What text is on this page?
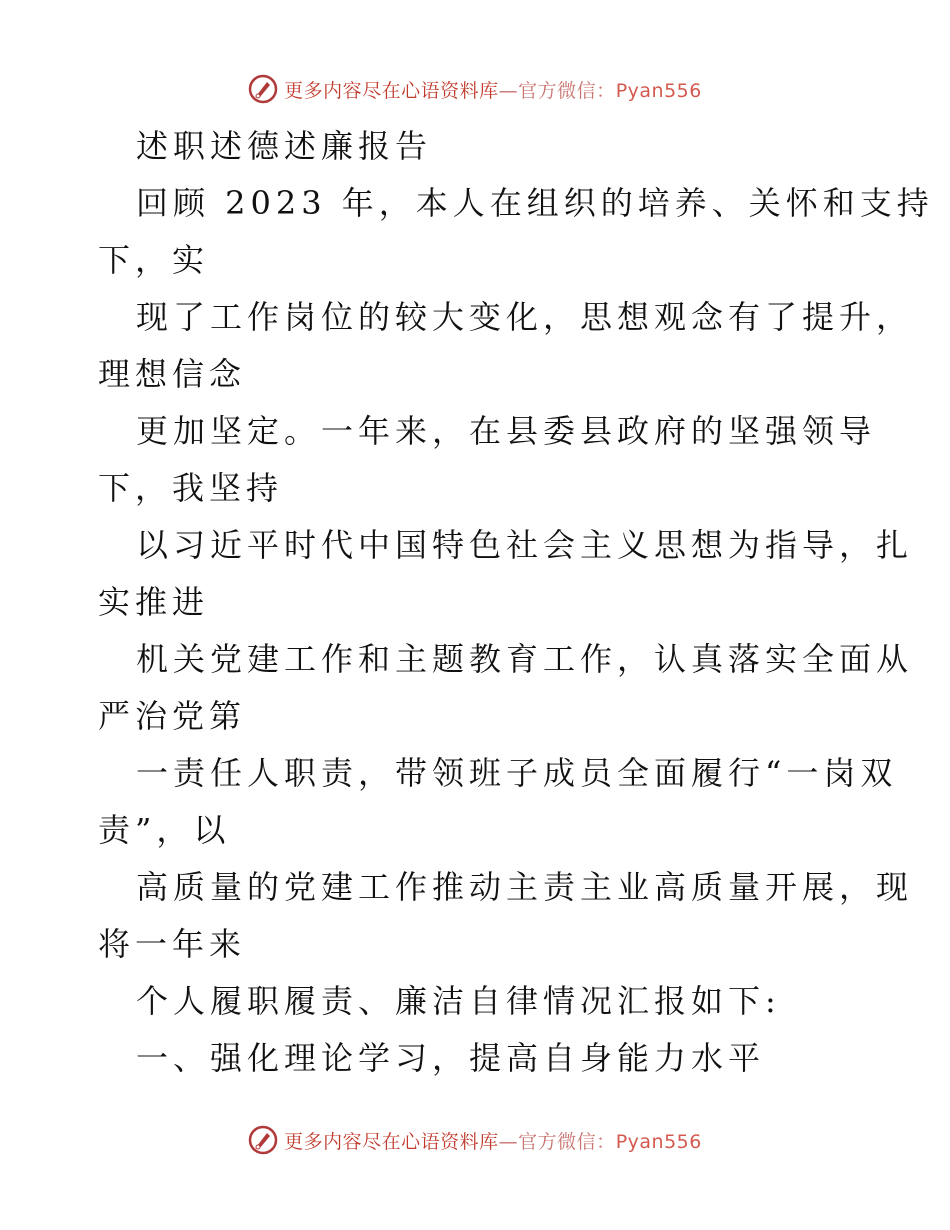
更多内容尽在心语资料库—官方微信：Pyan556
述职述德述廉报告
回顾 2023 年，本人在组织的培养、关怀和支持
下，实
现了工作岗位的较大变化，思想观念有了提升，
理想信念
更加坚定。一年来，在县委县政府的坚强领导
下，我坚持
以习近平时代中国特色社会主义思想为指导，扎
实推进
机关党建工作和主题教育工作，认真落实全面从
严治党第
一责任人职责，带领班子成员全面履行“一岗双
责”，以
高质量的党建工作推动主责主业高质量开展，现
将一年来
个人履职履责、廉洁自律情况汇报如下:
一、强化理论学习，提高自身能力水平
更多内容尽在心语资料库—官方微信：Pyan556
